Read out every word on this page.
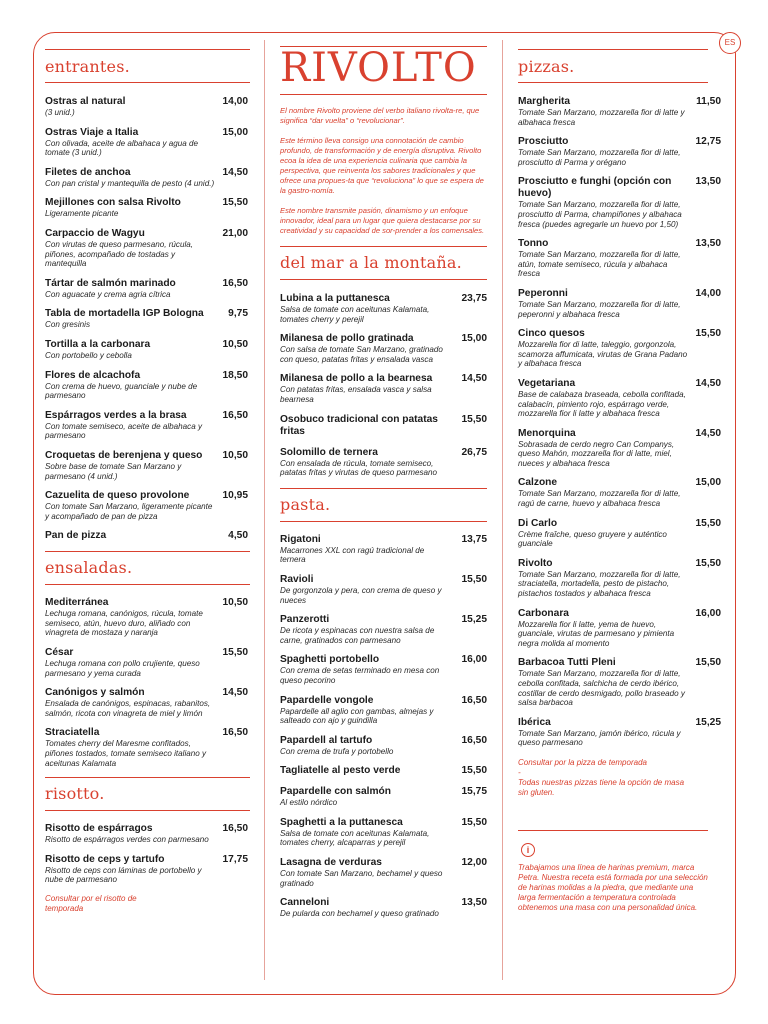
ES
entrantes.
Ostras al natural	14,00
(3 unid.)
Ostras Viaje a Italia	15,00
Con olivada, aceite de albahaca y agua de tomate (3 unid.)
Filetes de anchoa	14,50
Con pan cristal y mantequilla de pesto (4 unid.)
Mejillones con salsa Rivolto	15,50
Ligeramente picante
Carpaccio de Wagyu	21,00
Con virutas de queso parmesano, rúcula, piñones, acompañado de tostadas y mantequilla
Tártar de salmón marinado	16,50
Con aguacate y crema agria cítrica
Tabla de mortadella IGP Bologna 9,75
Con gresinis
Tortilla a la carbonara	10,50
Con portobello y cebolla
Flores de alcachofa	18,50
Con crema de huevo, guanciale y nube de parmesano
Espárragos verdes a la brasa	16,50
Con tomate semiseco, aceite de albahaca y parmesano
Croquetas de berenjena y queso 10,50
Sobre base de tomate San Marzano y parmesano (4 unid.)
Cazuelita de queso provolone	10,95
Con tomate San Marzano, ligeramente picante y acompañado de pan de pizza
Pan de pizza	4,50
ensaladas.
Mediterránea	10,50
Lechuga romana, canónigos, rúcula, tomate semiseco, atún, huevo duro, aliñado con vinagreta de mostaza y naranja
César	15,50
Lechuga romana con pollo crujiente, queso parmesano y yema curada
Canónigos y salmón	14,50
Ensalada de canónigos, espinacas, rabanitos, salmón, ricota con vinagreta de miel y limón
Straciatella	16,50
Tomates cherry del Maresme confitados, piñones tostados, tomate semiseco italiano y aceitunas Kalamata
risotto.
Risotto de espárragos	16,50
Risotto de espárragos verdes con parmesano
Risotto de ceps y tartufo	17,75
Risotto de ceps con láminas de portobello y nube de parmesano
Consultar por el risotto de temporada
RIVOLTO

El nombre Rivolto proviene del verbo italiano rivolta-re, que significa “dar vuelta” o “revolucionar”.

Este término lleva consigo una connotación de cambio profundo, de transformación y de energía disruptiva. Rivolto ecoa la idea de una experiencia culinaria que cambia la perspectiva, que reinventa los sabores tradicionales y que ofrece una propues-ta que “revoluciona” lo que se espera de la gastro-nomía.

Este nombre transmite pasión, dinamismo y un enfoque innovador, ideal para un lugar que quiera destacarse por su creatividad y su capacidad de sor-prender a los comensales.

del mar a la montaña.
Lubina a la puttanesca	23,75
Salsa de tomate con aceitunas Kalamata, tomates cherry y perejil
Milanesa de pollo gratinada	15,00
Con salsa de tomate San Marzano, gratinado con queso, patatas fritas y ensalada vasca
Milanesa de pollo a la bearnesa	14,50
Con patatas fritas, ensalada vasca y salsa bearnesa
Osobuco tradicional con patatas fritas
15,50
Solomillo de ternera	26,75
Con ensalada de rúcula, tomate semiseco, patatas fritas y virutas de queso parmesano
pasta.
Rigatoni	13,75
Macarrones XXL con ragú tradicional de ternera
Ravioli	15,50
De gorgonzola y pera, con crema de queso y nueces
Panzerotti	15,25
De ricota y espinacas con nuestra salsa de carne, gratinados con parmesano
Spaghetti portobello	16,00
Con crema de setas terminado en mesa con queso pecorino
Papardelle vongole	16,50
Papardelle all aglio con gambas, almejas y salteado con ajo y guindilla
Papardell al tartufo	16,50
Con crema de trufa y portobello
Tagliatelle al pesto verde	15,50
Papardelle con salmón	15,75
Al estilo nórdico
Spaghetti a la puttanesca	15,50
Salsa de tomate con aceitunas Kalamata, tomates cherry, alcaparras y perejil
Lasagna de verduras	12,00
Con tomate San Marzano, bechamel y queso gratinado
Canneloni	13,50
De pularda con bechamel y queso gratinado
pizzas.
Margherita	11,50
Tomate San Marzano, mozzarella fior di latte y albahaca fresca
Prosciutto	12,75
Tomate San Marzano, mozzarella fior di latte, prosciutto di Parma y orégano
Prosciutto e funghi (opción con huevo)
13,50
Tomate San Marzano, mozzarella fior di latte, prosciutto di Parma, champiñones y albahaca fresca (puedes agregarle un huevo por 1,50)
Tonno	13,50
Tomate San Marzano, mozzarella fior di latte, atún, tomate semiseco, rúcula y albahaca fresca
Peperonni	14,00
Tomate San Marzano, mozzarella fior di latte, peperonni y albahaca fresca
Cinco quesos	15,50
Mozzarella fior di latte, taleggio, gorgonzola, scamorza affumicata, virutas de Grana Padano y albahaca fresca
Vegetariana	14,50
Base de calabaza braseada, cebolla confitada, calabacín, pimiento rojo, espárrago verde, mozzarella fior li latte y albahaca fresca
Menorquina	14,50
Sobrasada de cerdo negro Can Companys, queso Mahón, mozzarella fior di latte, miel, nueces y albahaca fresca
Calzone	15,00
Tomate San Marzano, mozzarella fior di latte, ragú de carne, huevo y albahaca fresca
Di Carlo	15,50
Crème fraîche, queso gruyere y auténtico guanciale
Rivolto	15,50
Tomate San Marzano, mozzarella fior di latte, straciatella, mortadella, pesto de pistacho, pistachos tostados y albahaca fresca
Carbonara	16,00
Mozzarella fior li latte, yema de huevo, guanciale, virutas de parmesano y pimienta negra molida al momento
Barbacoa Tutti Pleni	15,50
Tomate San Marzano, mozzarella fior di latte, cebolla confitada, salchicha de cerdo ibérico, costillar de cerdo desmigado, pollo braseado y salsa barbacoa
Ibérica	15,25
Tomate San Marzano, jamón ibérico, rúcula y queso parmesano
Consultar por la pizza de temporada
-
Todas nuestras pizzas tiene la opción de masa sin gluten.
i
Trabajamos una línea de harinas premium, marca Petra. Nuestra receta está formada por una selección de harinas molidas a la piedra, que mediante una larga fermentación a temperatura controlada obtenemos una masa con una personalidad única.
